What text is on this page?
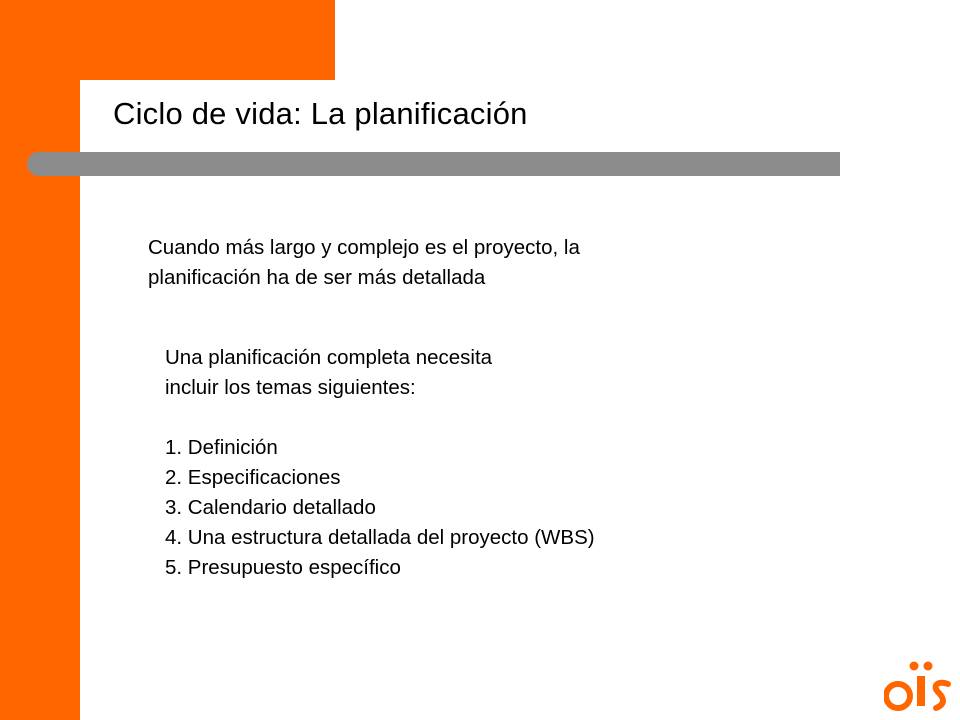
Ciclo de vida: La planificación
Cuando más largo y complejo es el proyecto, la
planificación ha de ser más detallada
Una planificación completa necesita
incluir los temas siguientes:
1. Definición
2. Especificaciones
3. Calendario detallado
4. Una estructura detallada del proyecto (WBS)
5. Presupuesto específico
